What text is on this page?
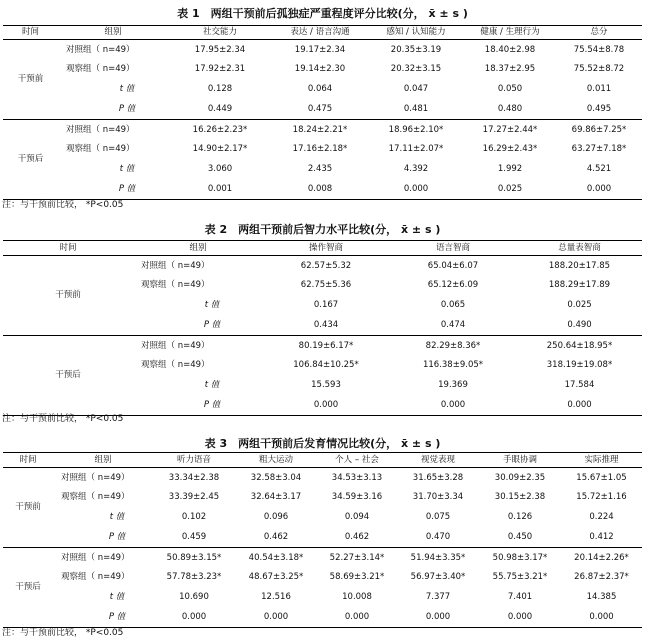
表 1　两组干预前后孤独症严重程度评分比较(分， x̄ ± s )
时间	组别	社交能力	表达 / 语言沟通	感知 / 认知能力	健康 / 生理行为	总分
干预前	对照组（ n=49）	17.95±2.34	19.17±2.34	20.35±3.19	18.40±2.98	75.54±8.78
	观察组（ n=49）	17.92±2.31	19.14±2.30	20.32±3.15	18.37±2.95	75.52±8.72
	t 值	0.128	0.064	0.047	0.050	0.011
	P 值	0.449	0.475	0.481	0.480	0.495
干预后	对照组（ n=49）	16.26±2.23*	18.24±2.21*	18.96±2.10*	17.27±2.44*	69.86±7.25*
	观察组（ n=49）	14.90±2.17*	17.16±2.18*	17.11±2.07*	16.29±2.43*	63.27±7.18*
	t 值	3.060	2.435	4.392	1.992	4.521
	P 值	0.001	0.008	0.000	0.025	0.000
注：与干预前比较， *P<0.05
表 2　两组干预前后智力水平比较(分， x̄ ± s )
时间	组别	操作智商	语言智商	总量表智商
干预前	对照组（ n=49）	62.57±5.32	65.04±6.07	188.20±17.85
	观察组（ n=49）	62.75±5.36	65.12±6.09	188.29±17.89
	t 值	0.167	0.065	0.025
	P 值	0.434	0.474	0.490
干预后	对照组（ n=49）	80.19±6.17*	82.29±8.36*	250.64±18.95*
	观察组（ n=49）	106.84±10.25*	116.38±9.05*	318.19±19.08*
	t 值	15.593	19.369	17.584
	P 值	0.000	0.000	0.000
注：与干预前比较， *P<0.05
表 3　两组干预前后发育情况比较(分， x̄ ± s )
时间	组别	听力语音	粗大运动	个人 – 社会	视觉表现	手眼协调	实际推理
干预前	对照组（ n=49）	33.34±2.38	32.58±3.04	34.53±3.13	31.65±3.28	30.09±2.35	15.67±1.05
	观察组（ n=49）	33.39±2.45	32.64±3.17	34.59±3.16	31.70±3.34	30.15±2.38	15.72±1.16
	t 值	0.102	0.096	0.094	0.075	0.126	0.224
	P 值	0.459	0.462	0.462	0.470	0.450	0.412
干预后	对照组（ n=49）	50.89±3.15*	40.54±3.18*	52.27±3.14*	51.94±3.35*	50.98±3.17*	20.14±2.26*
	观察组（ n=49）	57.78±3.23*	48.67±3.25*	58.69±3.21*	56.97±3.40*	55.75±3.21*	26.87±2.37*
	t 值	10.690	12.516	10.008	7.377	7.401	14.385
	P 值	0.000	0.000	0.000	0.000	0.000	0.000
注：与干预前比较， *P<0.05
